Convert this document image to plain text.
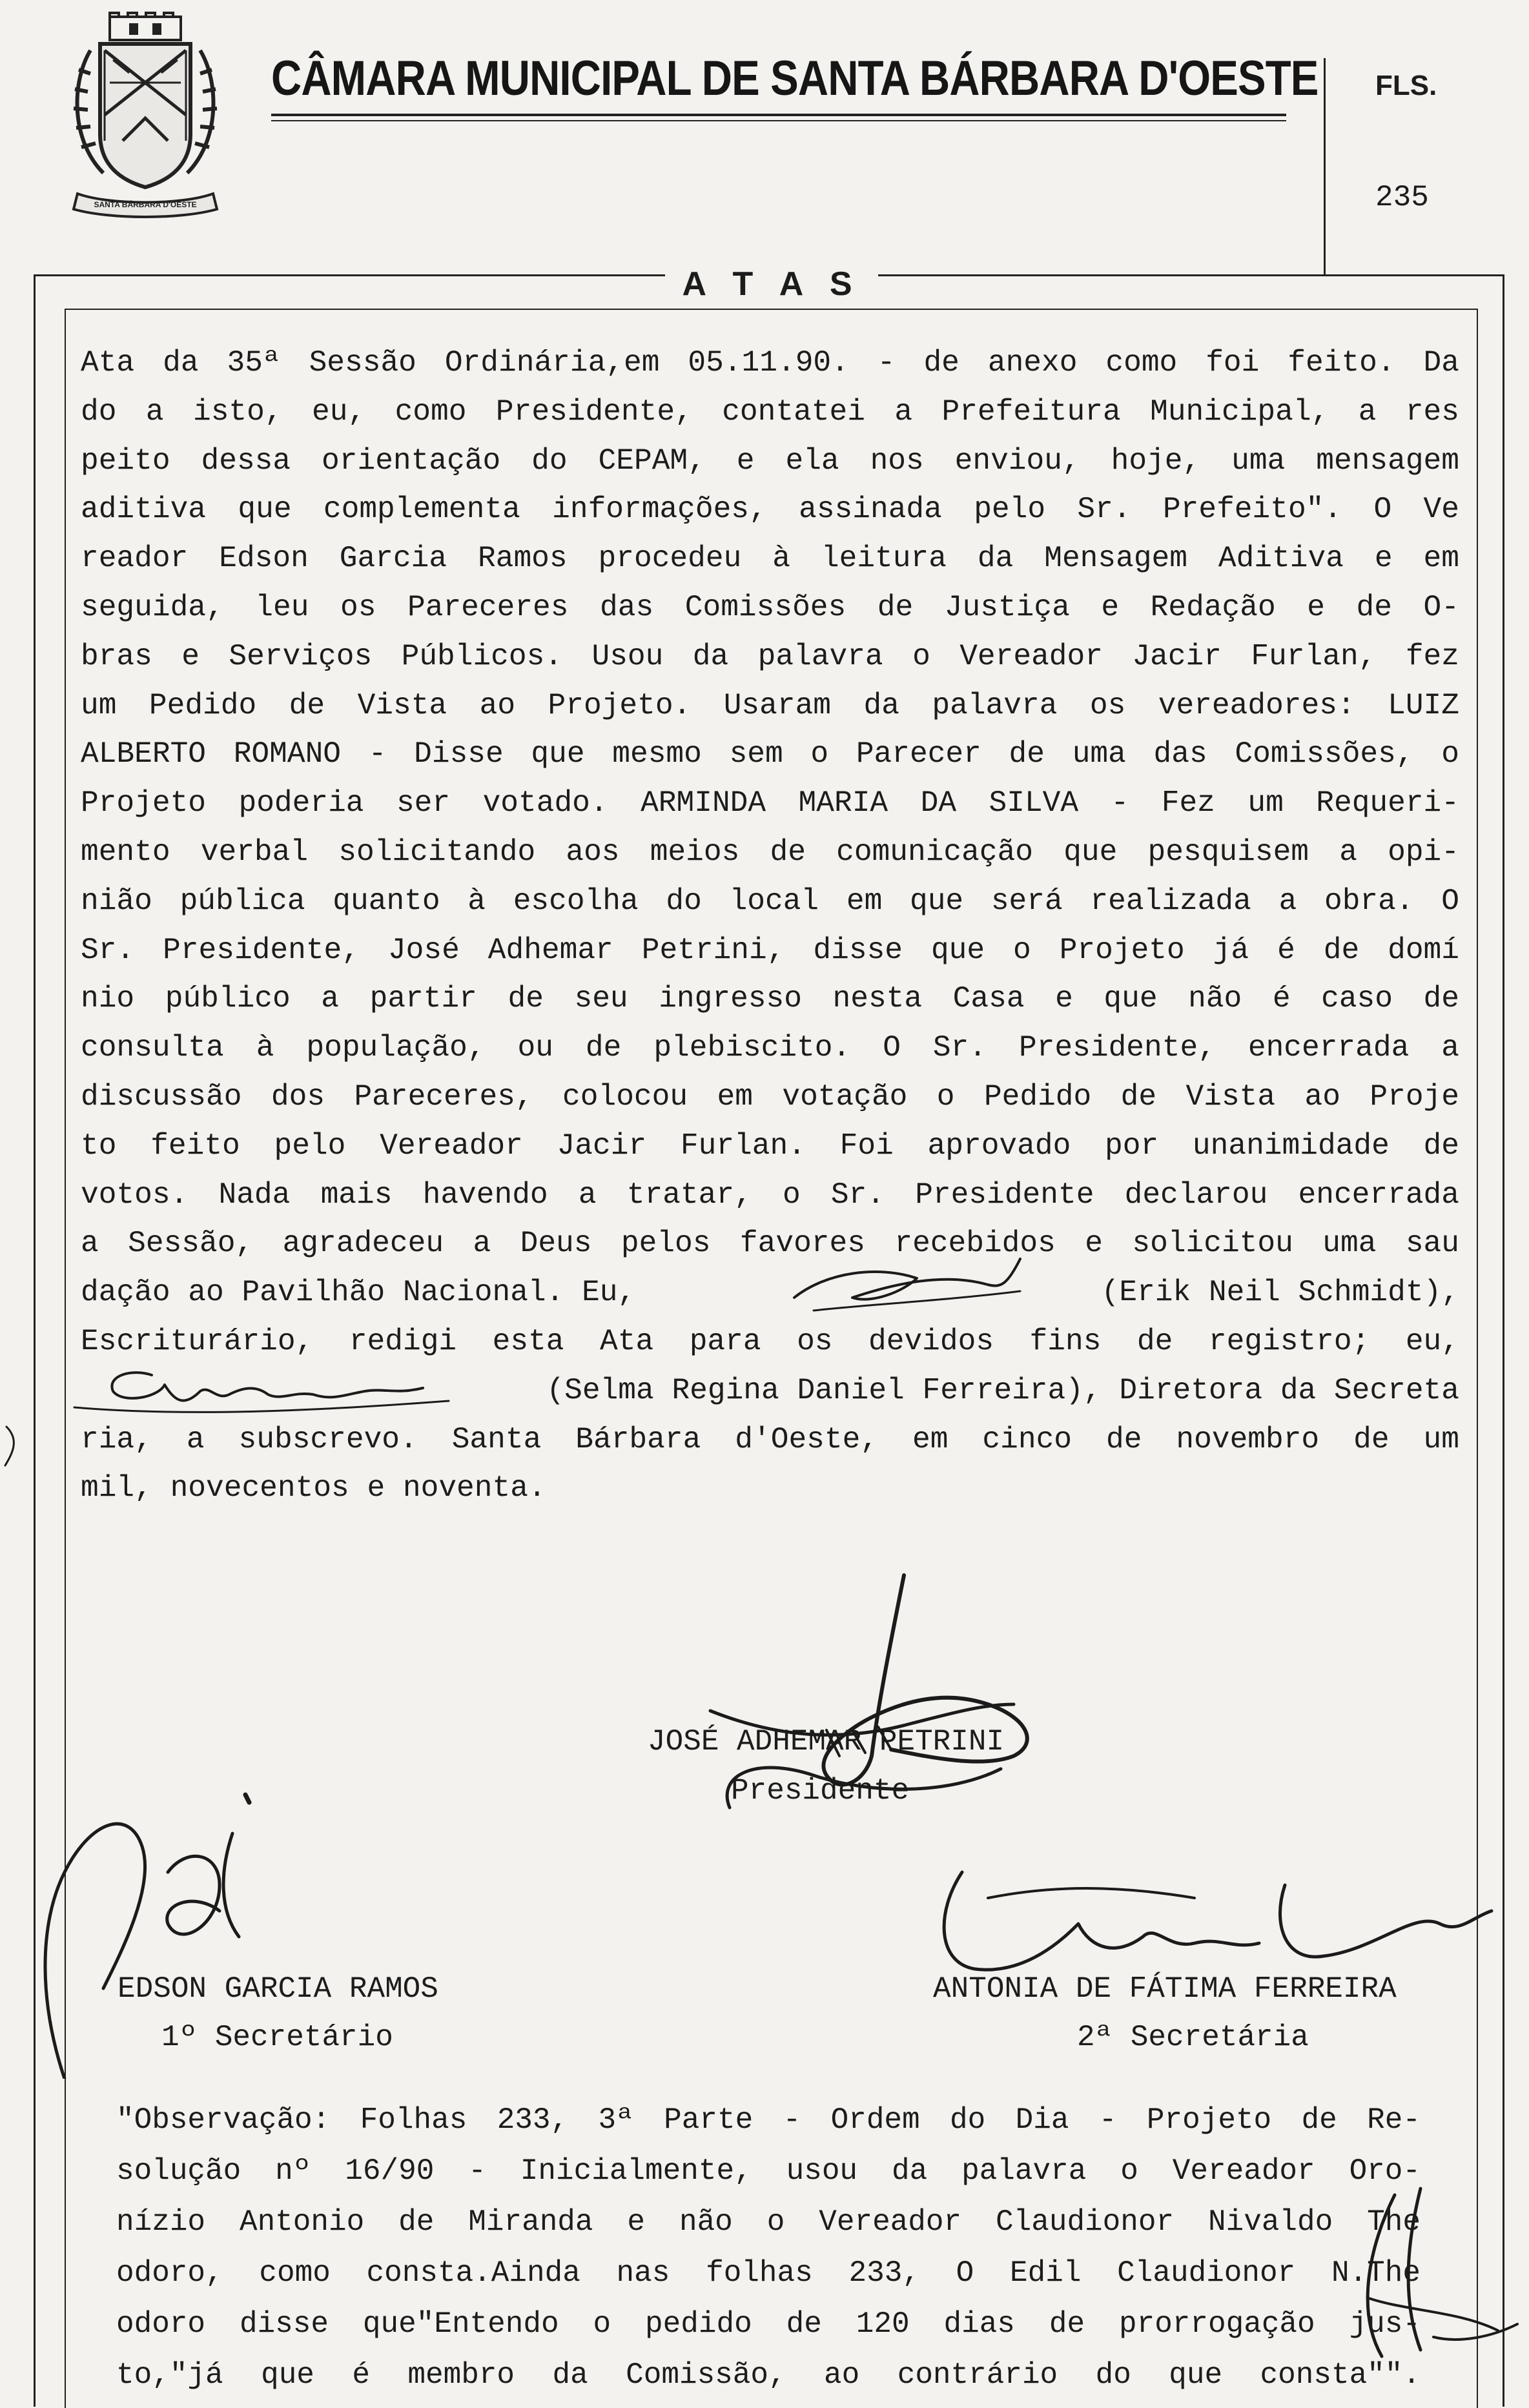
SANTA BÁRBARA D'OESTE
CÂMARA MUNICIPAL DE SANTA BÁRBARA D'OESTE FLS.
235
A T A S
Ata da 35ª Sessão Ordinária,em 05.11.90. - de anexo como foi feito. Da
do a isto, eu, como Presidente, contatei a Prefeitura Municipal, a res
peito dessa orientação do CEPAM, e ela nos enviou, hoje, uma mensagem
aditiva que complementa informações, assinada pelo Sr. Prefeito". O Ve
reador Edson Garcia Ramos procedeu à leitura da Mensagem Aditiva e em
seguida, leu os Pareceres das Comissões de Justiça e Redação e de O-
bras e Serviços Públicos. Usou da palavra o Vereador Jacir Furlan, fez
um Pedido de Vista ao Projeto. Usaram da palavra os vereadores: LUIZ
ALBERTO ROMANO - Disse que mesmo sem o Parecer de uma das Comissões, o
Projeto poderia ser votado. ARMINDA MARIA DA SILVA - Fez um Requeri-
mento verbal solicitando aos meios de comunicação que pesquisem a opi-
nião pública quanto à escolha do local em que será realizada a obra. O
Sr. Presidente, José Adhemar Petrini, disse que o Projeto já é de domí
nio público a partir de seu ingresso nesta Casa e que não é caso de
consulta à população, ou de plebiscito. O Sr. Presidente, encerrada a
discussão dos Pareceres, colocou em votação o Pedido de Vista ao Proje
to feito pelo Vereador Jacir Furlan. Foi aprovado por unanimidade de
votos. Nada mais havendo a tratar, o Sr. Presidente declarou encerrada
a Sessão, agradeceu a Deus pelos favores recebidos e solicitou uma sau
dação ao Pavilhão Nacional. Eu,	(Erik Neil Schmidt),
Escriturário, redigi esta Ata para os devidos fins de registro; eu,
(Selma Regina Daniel Ferreira), Diretora da Secreta
ria, a subscrevo. Santa Bárbara d'Oeste, em cinco de novembro de um
mil, novecentos e noventa.
JOSÉ ADHEMAR PETRINI
Presidente
EDSON GARCIA RAMOS
1º Secretário
ANTONIA DE FÁTIMA FERREIRA
2ª Secretária
"Observação: Folhas 233, 3ª Parte - Ordem do Dia - Projeto de Re-
solução nº 16/90 - Inicialmente, usou da palavra o Vereador Oro-
nízio Antonio de Miranda e não o Vereador Claudionor Nivaldo The
odoro, como consta.Ainda nas folhas 233, O Edil Claudionor N.The
odoro disse que"Entendo o pedido de 120 dias de prorrogação jus-
to,"já que é membro da Comissão, ao contrário do que consta"".
